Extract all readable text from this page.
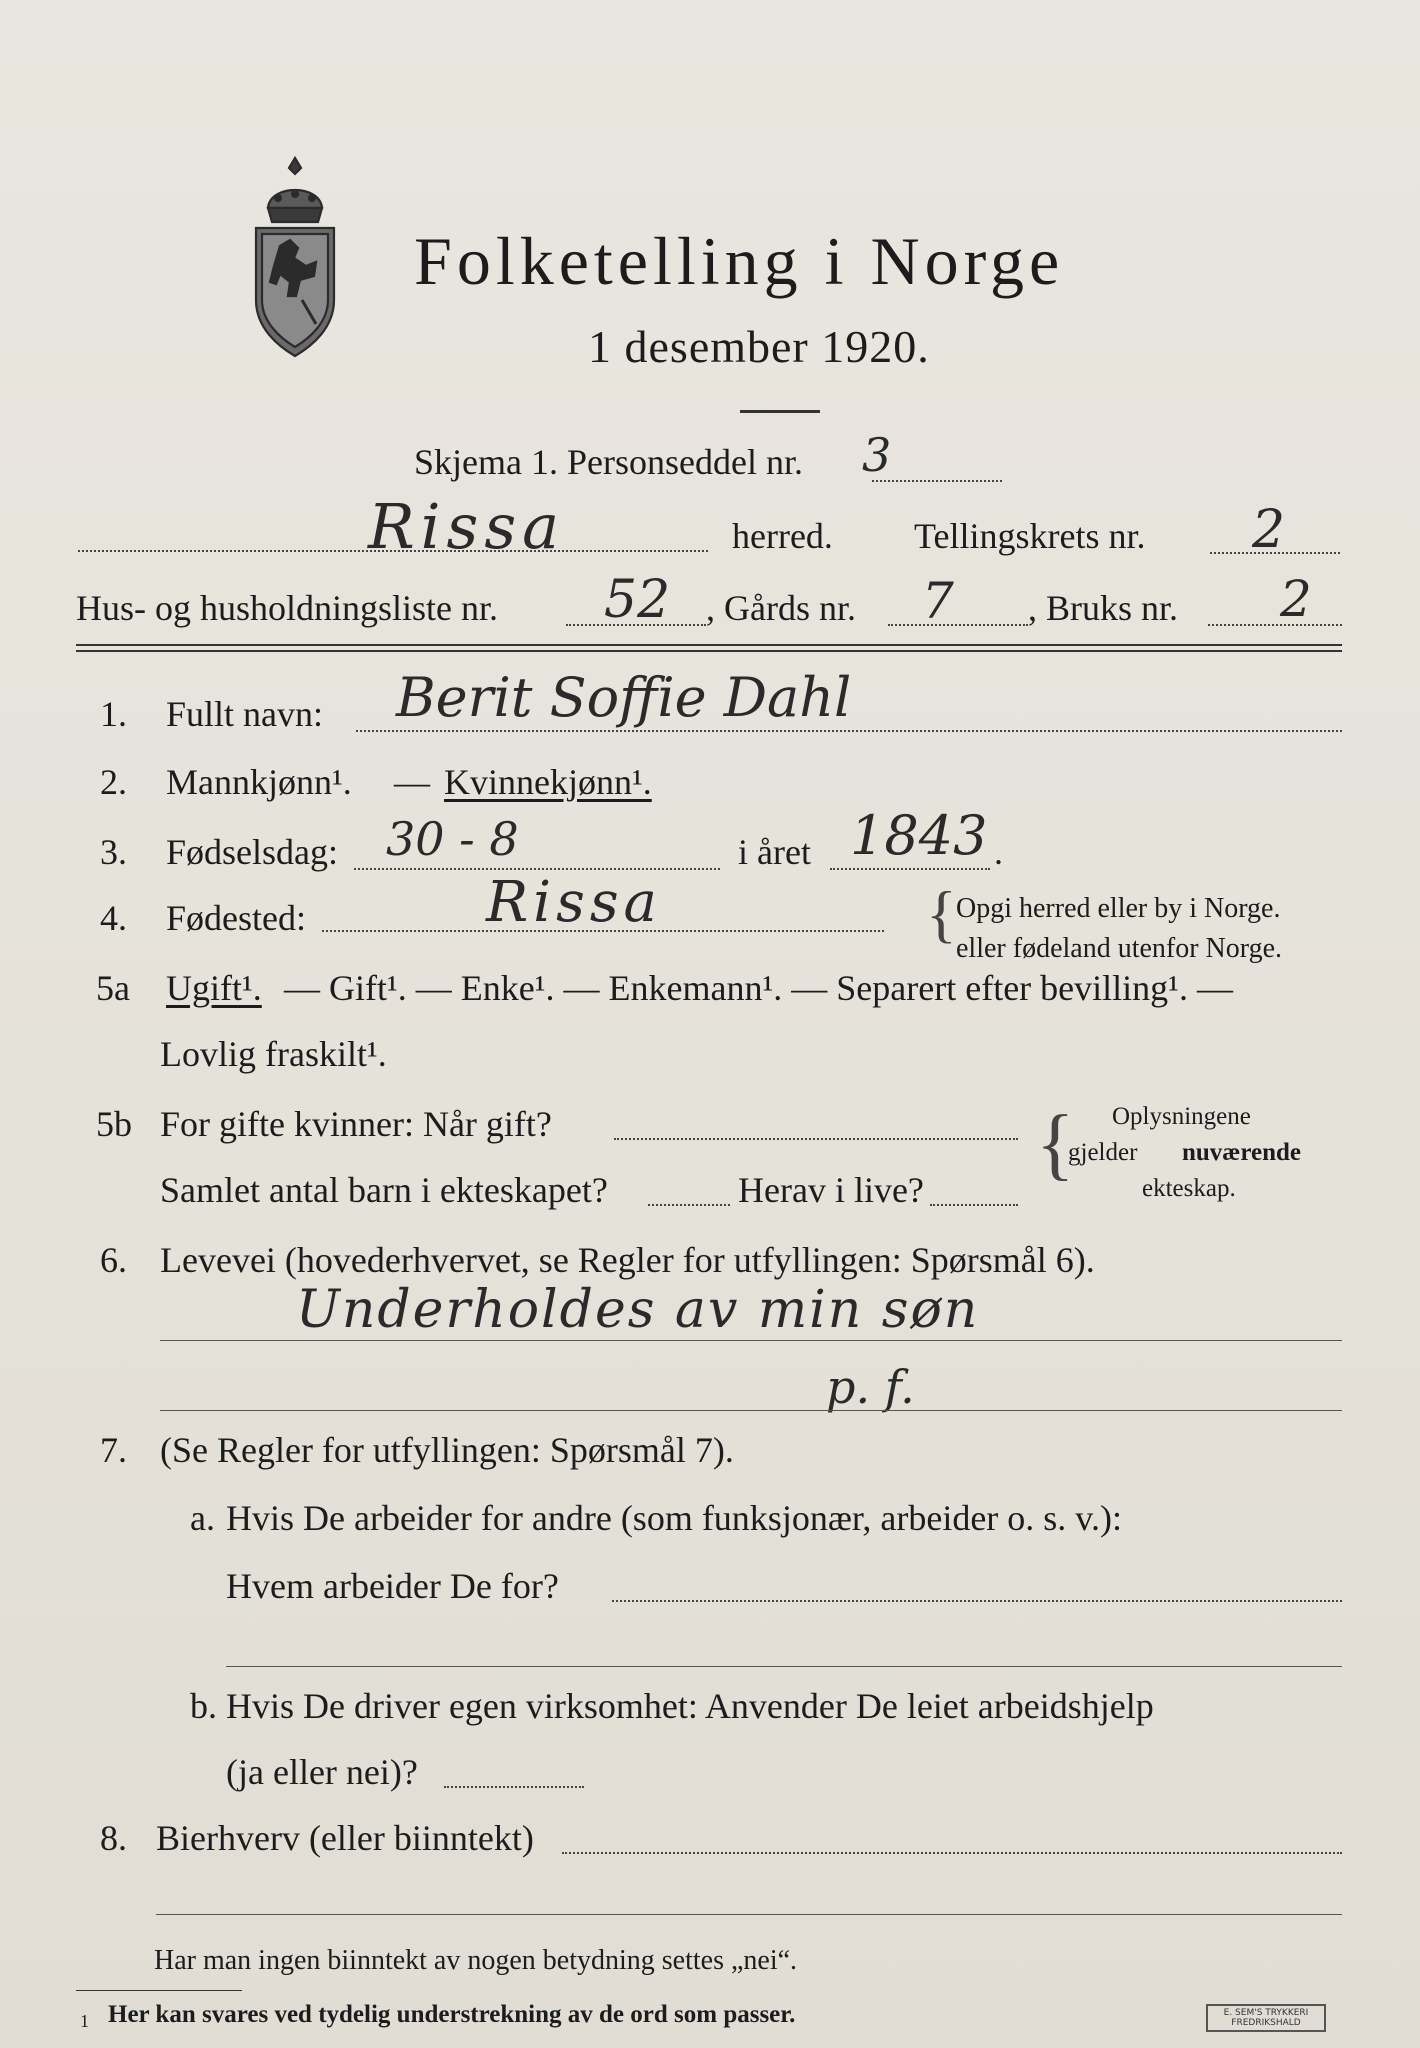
Folketelling i Norge
1 desember 1920.
Skjema 1. Personseddel nr. 3
Rissa	herred. Tellingskrets nr. 2
Hus- og husholdningsliste nr. 52 , Gårds nr. 7 , Bruks nr. 2
1. Fullt navn: Berit Soffie Dahl
2. Mannkjønn¹. — Kvinnekjønn¹.
3. Fødselsdag: 30 - 8	i året 1843 .
4. Fødested:	Rissa	{ Opgi herred eller by i Norge.
eller fødeland utenfor Norge.
5a Ugift¹. — Gift¹. — Enke¹. — Enkemann¹. — Separert efter bevilling¹. —
Lovlig fraskilt¹.
5b For gifte kvinner: Når gift?
Samlet antal barn i ekteskapet?	Herav i live?
{ Oplysningene
gjelder nuværende
ekteskap.
6. Levevei (hovederhvervet, se Regler for utfyllingen: Spørsmål 6).
Underholdes av min søn
p. f.
7. (Se Regler for utfyllingen: Spørsmål 7).
a. Hvis De arbeider for andre (som funksjonær, arbeider o. s. v.):
Hvem arbeider De for?
b. Hvis De driver egen virksomhet: Anvender De leiet arbeidshjelp
(ja eller nei)?
8. Bierhverv (eller biinntekt)
Har man ingen biinntekt av nogen betydning settes „nei“.
1 Her kan svares ved tydelig understrekning av de ord som passer.	E. SEM'S TRYKKERI
FREDRIKSHALD
